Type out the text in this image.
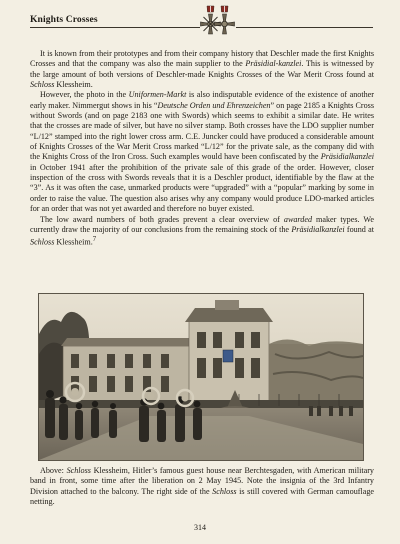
Knights Crosses

It is known from their prototypes and from their company history that Deschler made the first Knights Crosses and that the company was also the main supplier to the Präsidial-kanzlei. This is witnessed by the large amount of both versions of Deschler-made Knights Crosses of the War Merit Cross found at Schloss Klessheim.

However, the photo in the Uniformen-Markt is also indisputable evidence of the existence of another early maker. Nimmergut shows in his “Deutsche Orden und Ehrenzeichen” on page 2185 a Knights Cross without Swords (and on page 2183 one with Swords) which seems to exhibit a similar date. He writes that the crosses are made of silver, but have no silver stamp. Both crosses have the LDO supplier number “L/12” stamped into the right lower cross arm. C.E. Juncker could have produced a considerable amount of Knights Crosses of the War Merit Cross marked “L/12” for the private sale, as the company did with the Knights Cross of the Iron Cross. Such examples would have been confiscated by the Präsidialkanzlei in October 1941 after the prohibition of the private sale of this grade of the order. However, closer inspection of the cross with Swords reveals that it is a Deschler product, identifiable by the flaw at the “3”. As it was often the case, unmarked products were “upgraded” with a “popular” marking by some in order to raise the value. The question also arises why any company would produce LDO-marked articles for an order that was not yet awarded and therefore no buyer existed.

The low award numbers of both grades prevent a clear overview of awarded maker types. We currently draw the majority of our conclusions from the remaining stock of the Präsidialkanzlei found at Schloss Klessheim.$^7$

Above: Schloss Klessheim, Hitler’s famous guest house near Berchtesgaden, with American military band in front, some time after the liberation on 2 May 1945. Note the insignia of the 3rd Infantry Division attached to the balcony. The right side of the Schloss is still covered with German camouflage netting.

314
